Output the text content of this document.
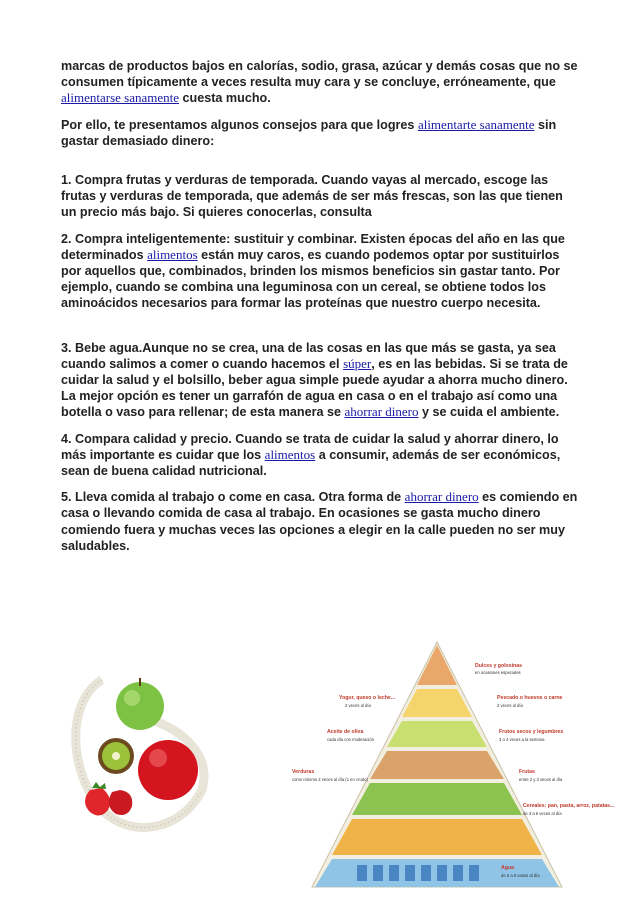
marcas de productos bajos en calorías, sodio, grasa, azúcar y demás cosas que no se consumen típicamente a veces resulta muy cara y se concluye, erróneamente, que alimentarse sanamente cuesta mucho.

Por ello, te presentamos algunos consejos para que logres alimentarte sanamente sin gastar demasiado dinero:

1. Compra frutas y verduras de temporada. Cuando vayas al mercado, escoge las frutas y verduras de temporada, que además de ser más frescas, son las que tienen un precio más bajo. Si quieres conocerlas, consulta

2. Compra inteligentemente: sustituir y combinar. Existen épocas del año en las que determinados alimentos están muy caros, es cuando podemos optar por sustituirlos por aquellos que, combinados, brinden los mismos beneficios sin gastar tanto. Por ejemplo, cuando se combina una leguminosa con un cereal, se obtiene todos los aminoácidos necesarios para formar las proteínas que nuestro cuerpo necesita.

3. Bebe agua.Aunque no se crea, una de las cosas en las que más se gasta, ya sea cuando salimos a comer o cuando hacemos el súper, es en las bebidas. Si se trata de cuidar la salud y el bolsillo, beber agua simple puede ayudar a ahorra mucho dinero. La mejor opción es tener un garrafón de agua en casa o en el trabajo así como una botella o vaso para rellenar; de esta manera se ahorrar dinero y se cuida el ambiente.

4. Compara calidad y precio. Cuando se trata de cuidar la salud y ahorrar dinero, lo más importante es cuidar que los alimentos a consumir, además de ser económicos, sean de buena calidad nutricional.

5. Lleva comida al trabajo o come en casa. Otra forma de ahorrar dinero es comiendo en casa o llevando comida de casa al trabajo. En ocasiones se gasta mucho dinero comiendo fuera y muchas veces las opciones a elegir en la calle pueden no ser muy saludables.

Dulces y golosinas
en ocasiones especiales
Yogur, queso o leche...
2 veces al día
Pescado o huevos o carne
2 veces al día
Aceite de oliva
cada día con moderación
Frutos secos y legumbres
3 o 4 veces a la semana
Verduras
como mínimo 2 veces al día (1 en crudo)
Frutas
entre 2 y 3 veces al día
Cereales: pan, pasta, arroz, patatas...
de 3 a 6 veces al día
Agua
de 6 a 8 vasos al día
